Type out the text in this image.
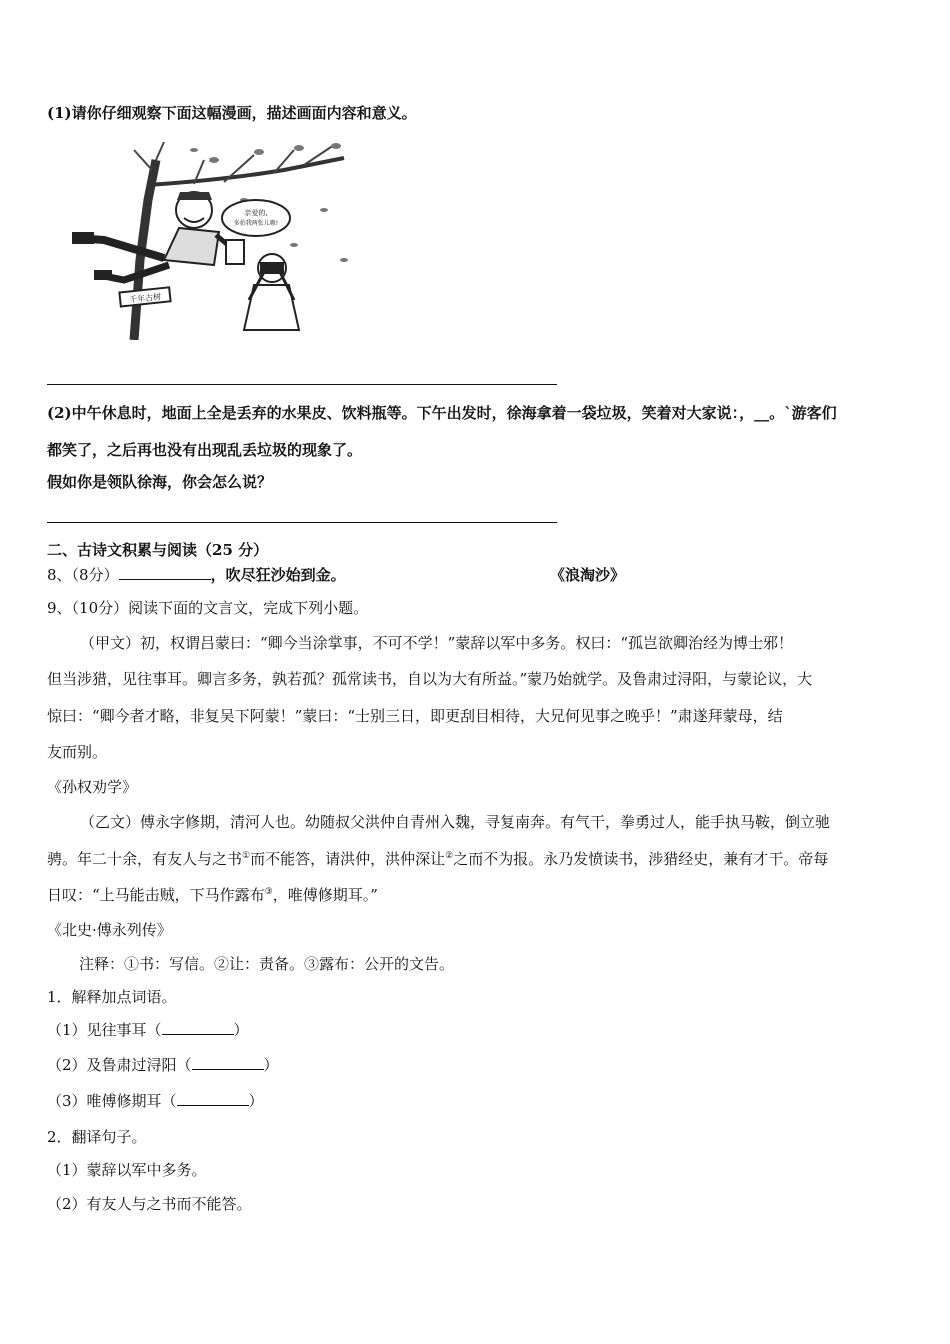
(1)请你仔细观察下面这幅漫画，描述画面内容和意义。
亲爱的,
多拍我两张儿嗷!
千年古树
(2)中午休息时，地面上全是丢弃的水果皮、饮料瓶等。下午出发时，徐海拿着一袋垃圾，笑着对大家说：，__。`游客们
都笑了，之后再也没有出现乱丢垃圾的现象了。
假如你是领队徐海，你会怎么说？
二、古诗文积累与阅读（25 分）
8、（8分）	，吹尽狂沙始到金。	《浪淘沙》
9、（10分）阅读下面的文言文，完成下列小题。
（甲文）初，权谓吕蒙曰：“卿今当涂掌事，不可不学！”蒙辞以军中多务。权曰：“孤岂欲卿治经为博士邪！
但当涉猎，见往事耳。卿言多务，孰若孤？孤常读书，自以为大有所益。”蒙乃始就学。及鲁肃过浔阳，与蒙论议，大
惊曰：“卿今者才略，非复吴下阿蒙！”蒙曰：“士别三日，即更刮目相待，大兄何见事之晚乎！”肃遂拜蒙母，结
友而别。
《孙权劝学》
（乙文）傅永字修期，清河人也。幼随叔父洪仲自青州入魏，寻复南奔。有气干，拳勇过人，能手执马鞍，倒立驰
骋。年二十余，有友人与之书①而不能答，请洪仲，洪仲深让②之而不为报。永乃发愤读书，涉猎经史，兼有才干。帝每
日叹：“上马能击贼，下马作露布③，唯傅修期耳。”
《北史·傅永列传》
注释：①书：写信。②让：责备。③露布：公开的文告。
1．解释加点词语。
（1）见往事耳（	）
（2）及鲁肃过浔阳（	）
（3）唯傅修期耳（	）
2．翻译句子。
（1）蒙辞以军中多务。
（2）有友人与之书而不能答。
